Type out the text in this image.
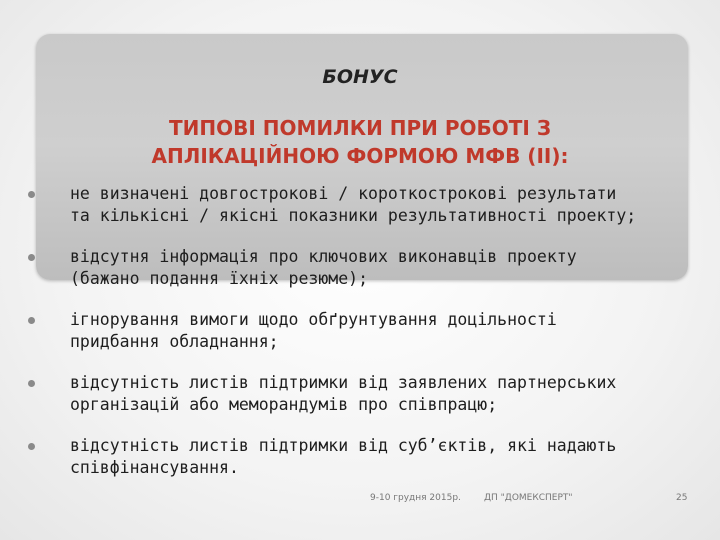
БОНУС
ТИПОВІ ПОМИЛКИ ПРИ РОБОТІ З
АПЛІКАЦІЙНОЮ ФОРМОЮ МФВ (ІІ):
не визначені довгострокові / короткострокові результати
та кількісні / якісні показники результативності проекту;
відсутня інформація про ключових виконавців проекту
(бажано подання їхніх резюме);
ігнорування вимоги щодо обґрунтування доцільності
придбання обладнання;
відсутність листів підтримки від заявлених партнерських
організацій або меморандумів про співпрацю;
відсутність листів підтримки від суб’єктів, які надають
співфінансування.
9-10 грудня 2015р.	ДП "ДОМЕКСПЕРТ"	25
